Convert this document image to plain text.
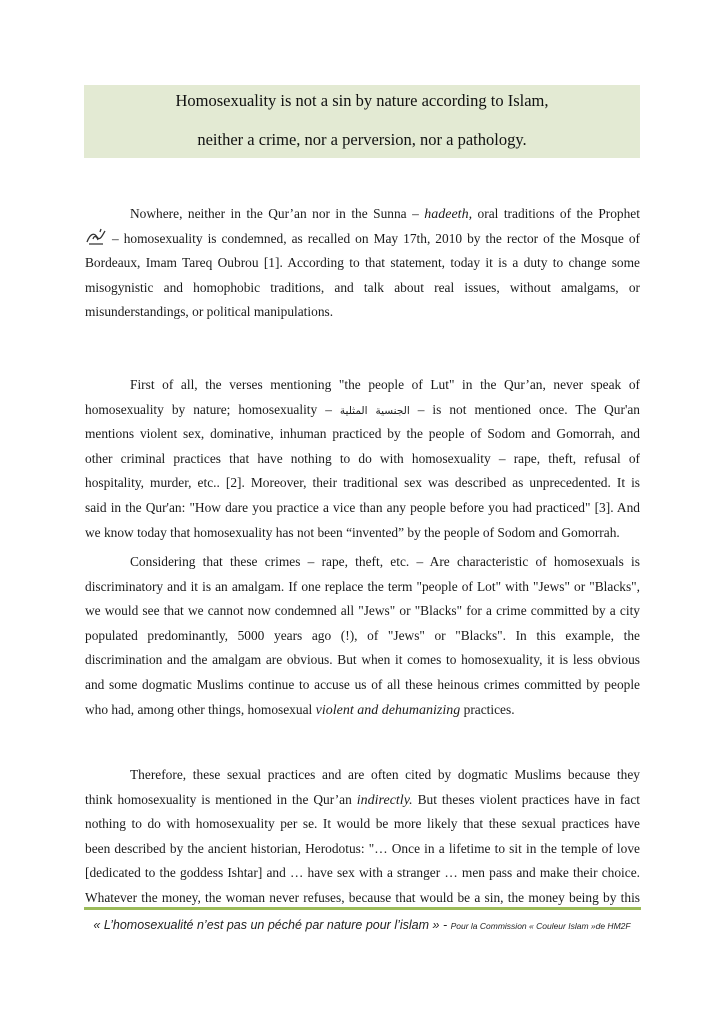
Homosexuality is not a sin by nature according to Islam,
neither a crime, nor a perversion, nor a pathology.
Nowhere, neither in the Qur’an nor in the Sunna – hadeeth, oral traditions of the Prophet
– homosexuality is condemned, as recalled on May 17th, 2010 by the rector of the Mosque of
Bordeaux, Imam Tareq Oubrou [1]. According to that statement, today it is a duty to change some
misogynistic and homophobic traditions, and talk about real issues, without amalgams, or
misunderstandings, or political manipulations.
First of all, the verses mentioning "the people of Lut" in the Qur’an, never speak of
homosexuality by nature; homosexuality – الجنسية المثلية – is not mentioned once. The Qur'an
mentions violent sex, dominative, inhuman practiced by the people of Sodom and Gomorrah, and
other criminal practices that have nothing to do with homosexuality – rape, theft, refusal of
hospitality, murder, etc.. [2]. Moreover, their traditional sex was described as unprecedented. It is
said in the Qur'an: "How dare you practice a vice than any people before you had practiced" [3]. And
we know today that homosexuality has not been “invented” by the people of Sodom and Gomorrah.
Considering that these crimes – rape, theft, etc. – Are characteristic of homosexuals is
discriminatory and it is an amalgam. If one replace the term "people of Lot" with "Jews" or "Blacks",
we would see that we cannot now condemned all "Jews" or "Blacks" for a crime committed by a city
populated predominantly, 5000 years ago (!), of "Jews" or "Blacks". In this example, the
discrimination and the amalgam are obvious. But when it comes to homosexuality, it is less obvious
and some dogmatic Muslims continue to accuse us of all these heinous crimes committed by people
who had, among other things, homosexual violent and dehumanizing practices.
Therefore, these sexual practices and are often cited by dogmatic Muslims because they
think homosexuality is mentioned in the Qur’an indirectly. But theses violent practices have in fact
nothing to do with homosexuality per se. It would be more likely that these sexual practices have
been described by the ancient historian, Herodotus: "… Once in a lifetime to sit in the temple of love
[dedicated to the goddess Ishtar] and … have sex with a stranger … men pass and make their choice.
Whatever the money, the woman never refuses, because that would be a sin, the money being by this
« L’homosexualité n’est pas un péché par nature pour l’islam » - Pour la Commission « Couleur Islam »de HM2F
